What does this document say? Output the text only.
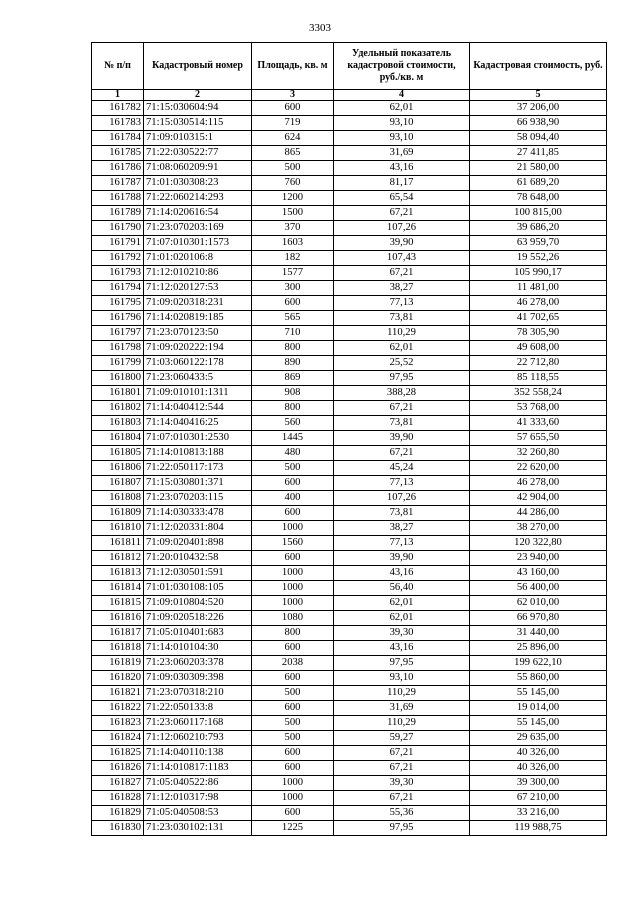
3303
№ п/п	Кадастровый номер	Площадь, кв. м	Удельный показатель кадастровой стоимости, руб./кв. м	Кадастровая стоимость, руб.
1	2	3	4	5
161782	71:15:030604:94	600	62,01	37 206,00
161783	71:15:030514:115	719	93,10	66 938,90
161784	71:09:010315:1	624	93,10	58 094,40
161785	71:22:030522:77	865	31,69	27 411,85
161786	71:08:060209:91	500	43,16	21 580,00
161787	71:01:030308:23	760	81,17	61 689,20
161788	71:22:060214:293	1200	65,54	78 648,00
161789	71:14:020616:54	1500	67,21	100 815,00
161790	71:23:070203:169	370	107,26	39 686,20
161791	71:07:010301:1573	1603	39,90	63 959,70
161792	71:01:020106:8	182	107,43	19 552,26
161793	71:12:010210:86	1577	67,21	105 990,17
161794	71:12:020127:53	300	38,27	11 481,00
161795	71:09:020318:231	600	77,13	46 278,00
161796	71:14:020819:185	565	73,81	41 702,65
161797	71:23:070123:50	710	110,29	78 305,90
161798	71:09:020222:194	800	62,01	49 608,00
161799	71:03:060122:178	890	25,52	22 712,80
161800	71:23:060433:5	869	97,95	85 118,55
161801	71:09:010101:1311	908	388,28	352 558,24
161802	71:14:040412:544	800	67,21	53 768,00
161803	71:14:040416:25	560	73,81	41 333,60
161804	71:07:010301:2530	1445	39,90	57 655,50
161805	71:14:010813:188	480	67,21	32 260,80
161806	71:22:050117:173	500	45,24	22 620,00
161807	71:15:030801:371	600	77,13	46 278,00
161808	71:23:070203:115	400	107,26	42 904,00
161809	71:14:030333:478	600	73,81	44 286,00
161810	71:12:020331:804	1000	38,27	38 270,00
161811	71:09:020401:898	1560	77,13	120 322,80
161812	71:20:010432:58	600	39,90	23 940,00
161813	71:12:030501:591	1000	43,16	43 160,00
161814	71:01:030108:105	1000	56,40	56 400,00
161815	71:09:010804:520	1000	62,01	62 010,00
161816	71:09:020518:226	1080	62,01	66 970,80
161817	71:05:010401:683	800	39,30	31 440,00
161818	71:14:010104:30	600	43,16	25 896,00
161819	71:23:060203:378	2038	97,95	199 622,10
161820	71:09:030309:398	600	93,10	55 860,00
161821	71:23:070318:210	500	110,29	55 145,00
161822	71:22:050133:8	600	31,69	19 014,00
161823	71:23:060117:168	500	110,29	55 145,00
161824	71:12:060210:793	500	59,27	29 635,00
161825	71:14:040110:138	600	67,21	40 326,00
161826	71:14:010817:1183	600	67,21	40 326,00
161827	71:05:040522:86	1000	39,30	39 300,00
161828	71:12:010317:98	1000	67,21	67 210,00
161829	71:05:040508:53	600	55,36	33 216,00
161830	71:23:030102:131	1225	97,95	119 988,75
